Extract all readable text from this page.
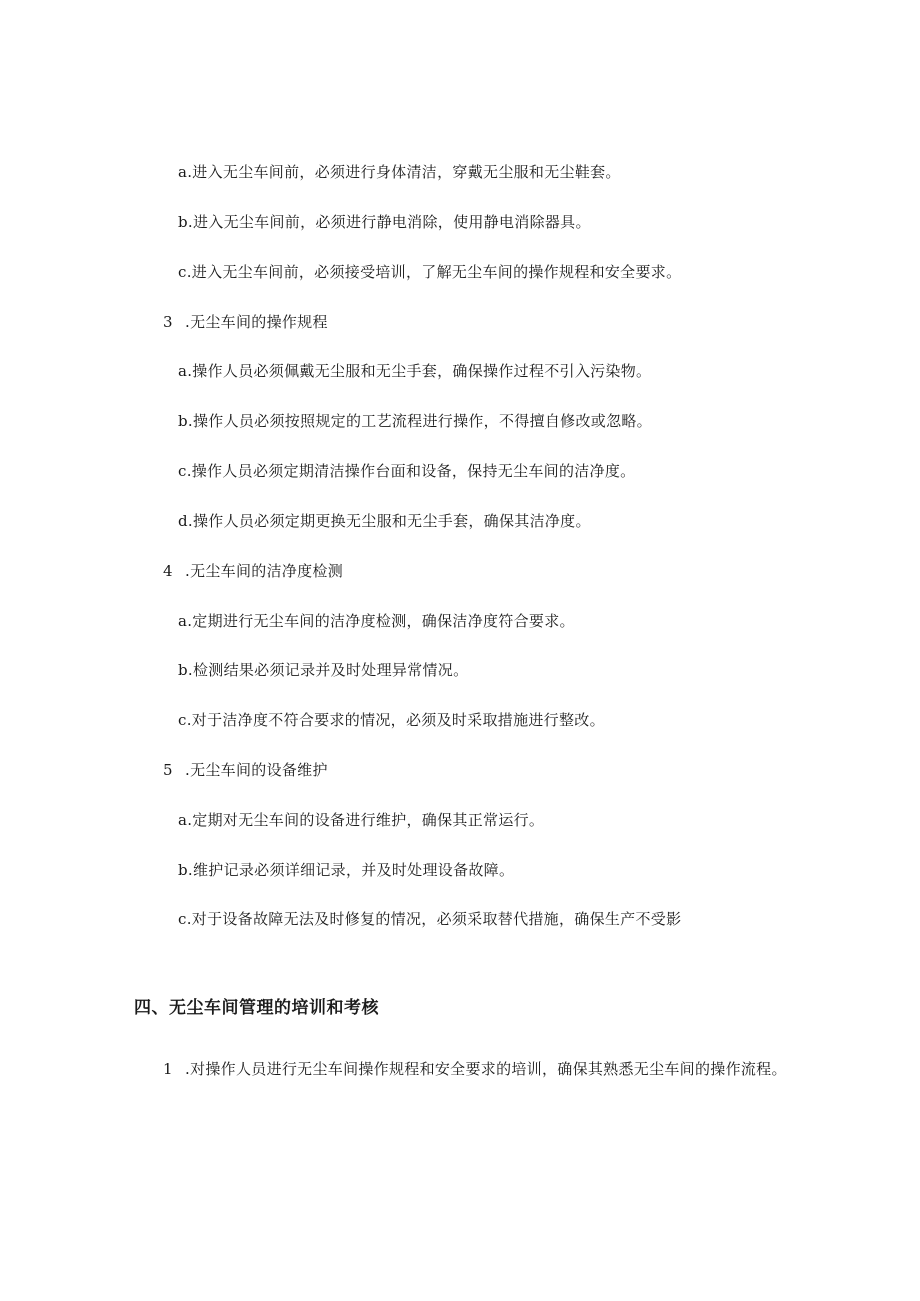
a.进入无尘车间前，必须进行身体清洁，穿戴无尘服和无尘鞋套。
b.进入无尘车间前，必须进行静电消除，使用静电消除器具。
c.进入无尘车间前，必须接受培训，了解无尘车间的操作规程和安全要求。
3 .无尘车间的操作规程
a.操作人员必须佩戴无尘服和无尘手套，确保操作过程不引入污染物。
b.操作人员必须按照规定的工艺流程进行操作，不得擅自修改或忽略。
c.操作人员必须定期清洁操作台面和设备，保持无尘车间的洁净度。
d.操作人员必须定期更换无尘服和无尘手套，确保其洁净度。
4 .无尘车间的洁净度检测
a.定期进行无尘车间的洁净度检测，确保洁净度符合要求。
b.检测结果必须记录并及时处理异常情况。
c.对于洁净度不符合要求的情况，必须及时采取措施进行整改。
5 .无尘车间的设备维护
a.定期对无尘车间的设备进行维护，确保其正常运行。
b.维护记录必须详细记录，并及时处理设备故障。
c.对于设备故障无法及时修复的情况，必须采取替代措施，确保生产不受影
四、无尘车间管理的培训和考核
1 .对操作人员进行无尘车间操作规程和安全要求的培训，确保其熟悉无尘车间的操作流程。
